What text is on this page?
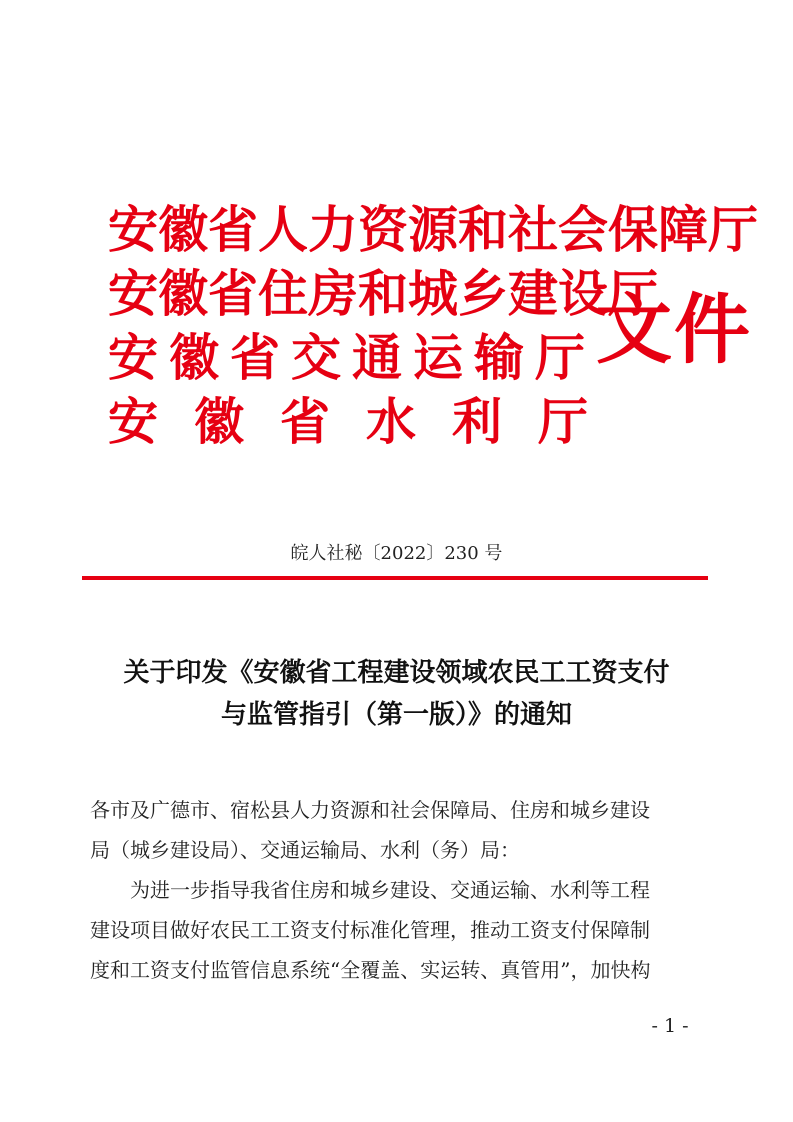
安徽省人力资源和社会保障厅
安徽省住房和城乡建设厅
安徽省交通运输厅
安徽省水利厅
文件
皖人社秘〔2022〕230 号
关于印发《安徽省工程建设领域农民工工资支付
与监管指引（第一版）》的通知

各市及广德市、宿松县人力资源和社会保障局、住房和城乡建设

局（城乡建设局）、交通运输局、水利（务）局：

为进一步指导我省住房和城乡建设、交通运输、水利等工程

建设项目做好农民工工资支付标准化管理，推动工资支付保障制

度和工资支付监管信息系统“全覆盖、实运转、真管用”，加快构

- 1 -
